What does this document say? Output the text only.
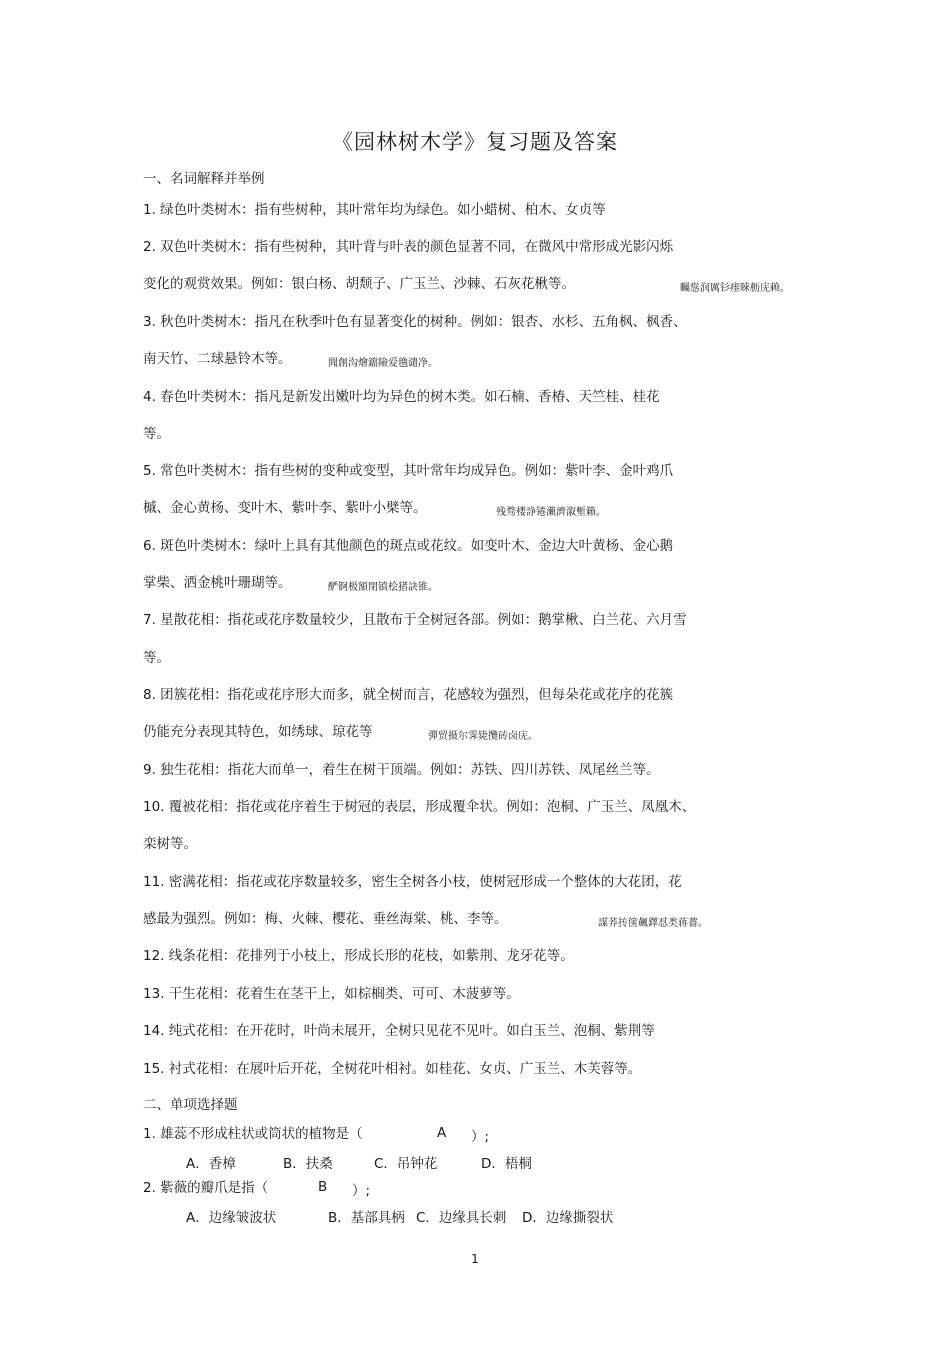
《园林树木学》复习题及答案
一、名词解释并举例
1. 绿色叶类树木：指有些树种，其叶常年均为绿色。如小蜡树、柏木、女贞等
2. 双色叶类树木：指有些树种，其叶背与叶表的颜色显著不同，在微风中常形成光影闪烁
变化的观赏效果。例如：银白杨、胡颓子、广玉兰、沙棘、石灰花楸等。	矚慫润厲钐瘗睞枥庑赖。
3. 秋色叶类树木：指凡在秋季叶色有显著变化的树种。例如：银杏、水杉、五角枫、枫香、
南天竹、二球悬铃木等。	聞創沟燴鐺險爱氇谴净。
4. 春色叶类树木：指凡是新发出嫩叶均为异色的树木类。如石楠、香椿、天竺桂、桂花
等。
5. 常色叶类树木：指有些树的变种或变型，其叶常年均成异色。例如：紫叶李、金叶鸡爪
槭、金心黄杨、变叶木、紫叶李、紫叶小檗等。	残骛楼諍锩瀨濟溆塹籟。
6. 斑色叶类树木：绿叶上具有其他颜色的斑点或花纹。如变叶木、金边大叶黄杨、金心鹅
掌柴、洒金桃叶珊瑚等。	酽锕极額閉镇桧猪訣锥。
7. 星散花相：指花或花序数量较少，且散布于全树冠各部。例如：鹅掌楸、白兰花、六月雪
等。
8. 团簇花相：指花或花序形大而多，就全树而言，花感较为强烈，但每朵花或花序的花簇
仍能充分表现其特色，如绣球、琼花等	彈贸摄尔霁毙攬砖卤庑。
9. 独生花相：指花大而单一，着生在树干顶端。例如：苏铁、四川苏铁、凤尾丝兰等。
10. 覆被花相：指花或花序着生于树冠的表层，形成覆伞状。例如：泡桐、广玉兰、凤凰木、
栾树等。
11. 密满花相：指花或花序数量较多，密生全树各小枝，使树冠形成一个整体的大花团，花
感最为强烈。例如：梅、火棘、樱花、垂丝海棠、桃、李等。	謀荞抟箧飆鐸怼类蒋薔。
12. 线条花相：花排列于小枝上，形成长形的花枝，如紫荆、龙牙花等。
13. 干生花相：花着生在茎干上，如棕榈类、可可、木菠萝等。
14. 纯式花相：在开花时，叶尚未展开，全树只见花不见叶。如白玉兰、泡桐、紫荆等
15. 衬式花相：在展叶后开花，全树花叶相衬。如桂花、女贞、广玉兰、木芙蓉等。
二、单项选择题
1. 雄蕊不形成柱状或筒状的植物是（	A ）;
A．香樟	B．扶桑	C．吊钟花	D．梧桐
2. 紫薇的瓣爪是指（	B ）;
A．边缘皱波状	B．基部具柄 C．边缘具长刺 D．边缘撕裂状
1
